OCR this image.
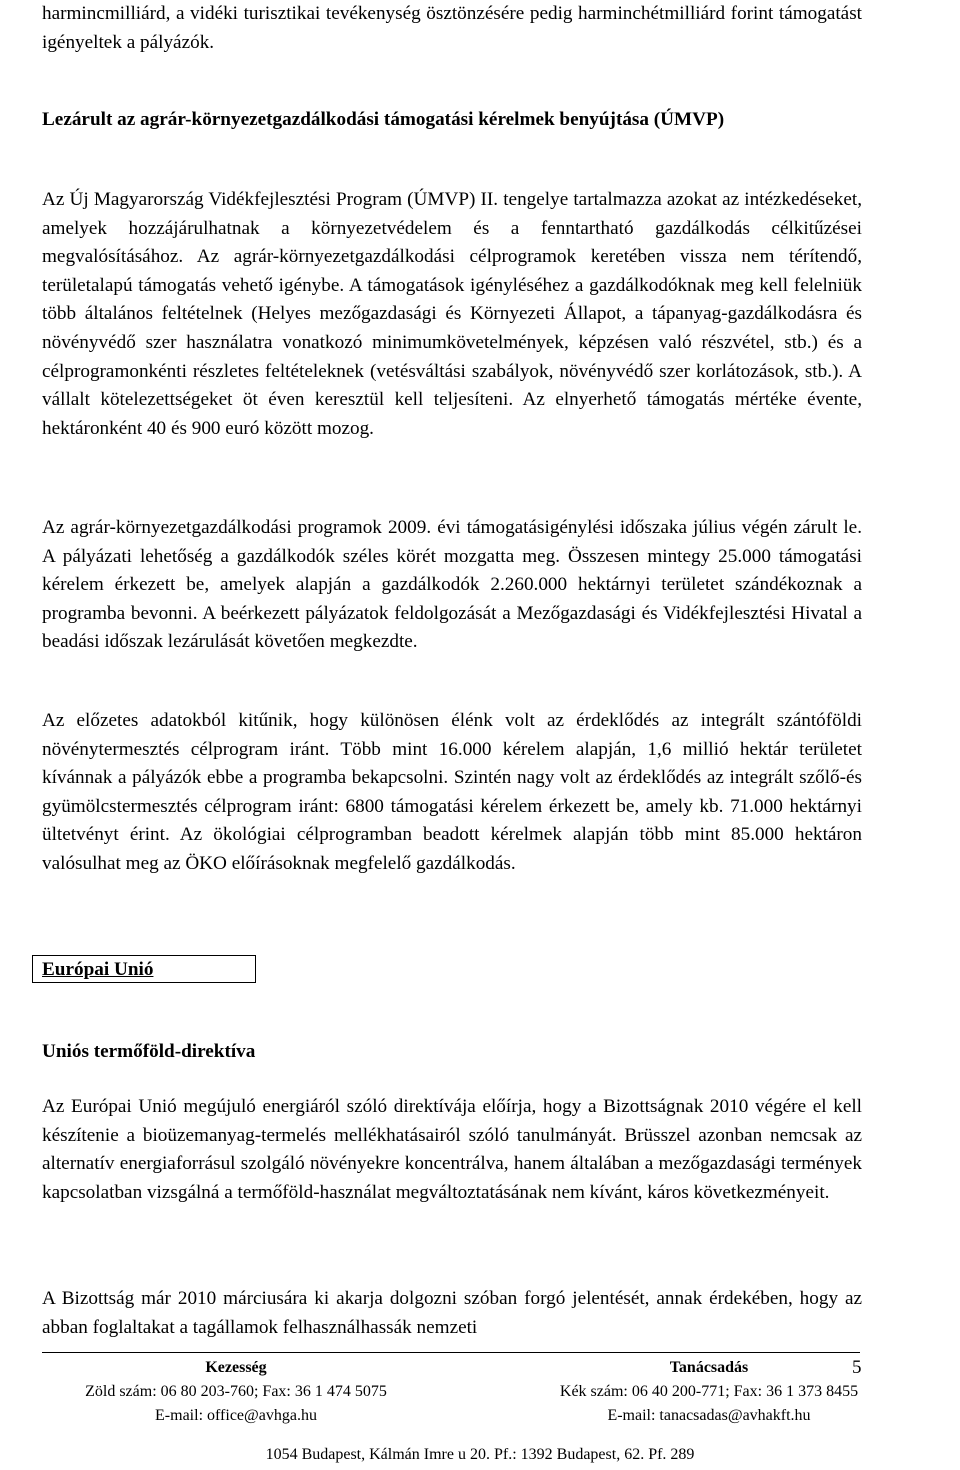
harmincmilliárd, a vidéki turisztikai tevékenység ösztönzésére pedig harminchétmilliárd forint támogatást igényeltek a pályázók.

Lezárult az agrár-környezetgazdálkodási támogatási kérelmek benyújtása (ÚMVP)

Az Új Magyarország Vidékfejlesztési Program (ÚMVP) II. tengelye tartalmazza azokat az intézkedéseket, amelyek hozzájárulhatnak a környezetvédelem és a fenntartható gazdálkodás célkitűzései megvalósításához. Az agrár-környezetgazdálkodási célprogramok keretében vissza nem térítendő, területalapú támogatás vehető igénybe. A támogatások igényléséhez a gazdálkodóknak meg kell felelniük több általános feltételnek (Helyes mezőgazdasági és Környezeti Állapot, a tápanyag-gazdálkodásra és növényvédő szer használatra vonatkozó minimumkövetelmények, képzésen való részvétel, stb.) és a célprogramonkénti részletes feltételeknek (vetésváltási szabályok, növényvédő szer korlátozások, stb.). A vállalt kötelezettségeket öt éven keresztül kell teljesíteni. Az elnyerhető támogatás mértéke évente, hektáronként 40 és 900 euró között mozog.

Az agrár-környezetgazdálkodási programok 2009. évi támogatásigénylési időszaka július végén zárult le. A pályázati lehetőség a gazdálkodók széles körét mozgatta meg. Összesen mintegy 25.000 támogatási kérelem érkezett be, amelyek alapján a gazdálkodók 2.260.000 hektárnyi területet szándékoznak a programba bevonni. A beérkezett pályázatok feldolgozását a Mezőgazdasági és Vidékfejlesztési Hivatal a beadási időszak lezárulását követően megkezdte.

Az előzetes adatokból kitűnik, hogy különösen élénk volt az érdeklődés az integrált szántóföldi növénytermesztés célprogram iránt. Több mint 16.000 kérelem alapján, 1,6 millió hektár területet kívánnak a pályázók ebbe a programba bekapcsolni. Szintén nagy volt az érdeklődés az integrált szőlő-és gyümölcstermesztés célprogram iránt: 6800 támogatási kérelem érkezett be, amely kb. 71.000 hektárnyi ültetvényt érint. Az ökológiai célprogramban beadott kérelmek alapján több mint 85.000 hektáron valósulhat meg az ÖKO előírásoknak megfelelő gazdálkodás.

Uniós termőföld-direktíva

Az Európai Unió megújuló energiáról szóló direktívája előírja, hogy a Bizottságnak 2010 végére el kell készítenie a bioüzemanyag-termelés mellékhatásairól szóló tanulmányát. Brüsszel azonban nemcsak az alternatív energiaforrásul szolgáló növényekre koncentrálva, hanem általában a mezőgazdasági termények kapcsolatban vizsgálná a termőföld-használat megváltoztatásának nem kívánt, káros következményeit.

A Bizottság már 2010 márciusára ki akarja dolgozni szóban forgó jelentését, annak érdekében, hogy az abban foglaltakat a tagállamok felhasználhassák nemzeti

Európai Unió
Kezesség
Zöld szám: 06 80 203-760; Fax: 36 1 474 5075
E-mail: office@avhga.hu
Tanácsadás
Kék szám: 06 40 200-771; Fax: 36 1 373 8455
E-mail: tanacsadas@avhakft.hu
5
1054 Budapest, Kálmán Imre u 20. Pf.: 1392 Budapest, 62. Pf. 289
